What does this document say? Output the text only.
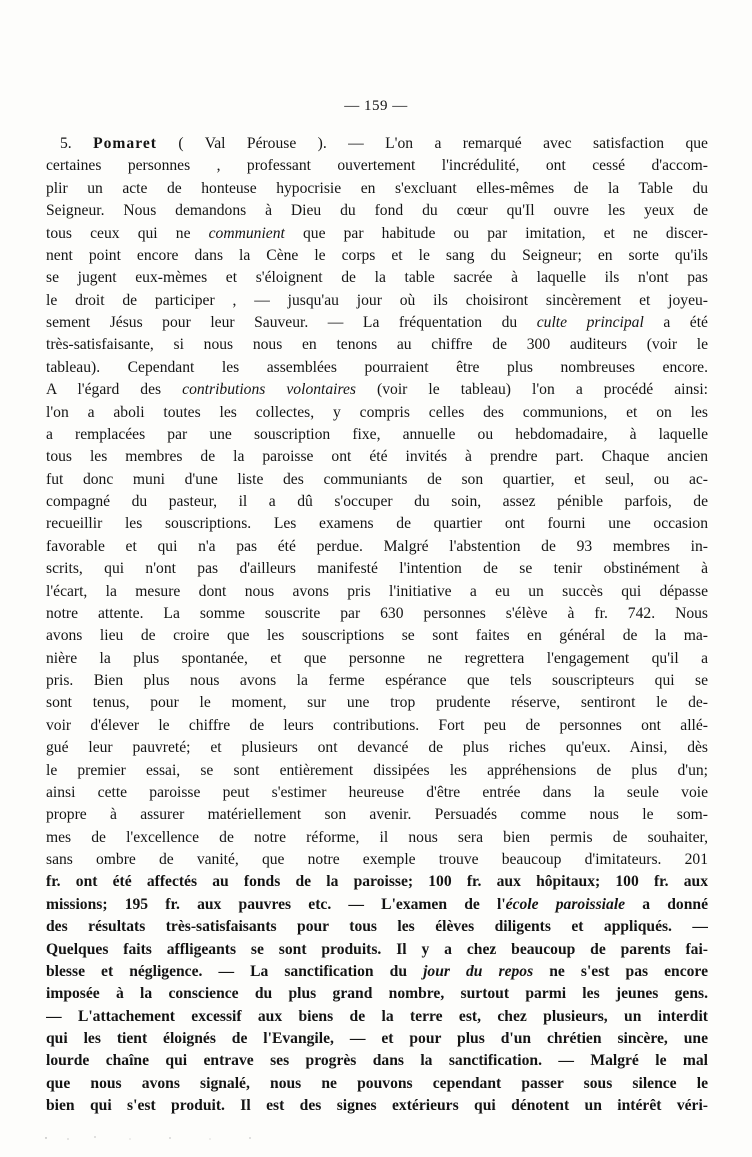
— 159 —
5. Pomaret ( Val Pérouse ). — L'on a remarqué avec satisfaction que
certaines personnes , professant ouvertement l'incrédulité, ont cessé d'accom-
plir un acte de honteuse hypocrisie en s'excluant elles-mêmes de la Table du
Seigneur. Nous demandons à Dieu du fond du cœur qu'Il ouvre les yeux de
tous ceux qui ne communient que par habitude ou par imitation, et ne discer-
nent point encore dans la Cène le corps et le sang du Seigneur; en sorte qu'ils
se jugent eux-mèmes et s'éloignent de la table sacrée à laquelle ils n'ont pas
le droit de participer , — jusqu'au jour où ils choisiront sincèrement et joyeu-
sement Jésus pour leur Sauveur. — La fréquentation du culte principal a été
très-satisfaisante, si nous nous en tenons au chiffre de 300 auditeurs (voir le
tableau). Cependant les assemblées pourraient être plus nombreuses encore.
A l'égard des contributions volontaires (voir le tableau) l'on a procédé ainsi:
l'on a aboli toutes les collectes, y compris celles des communions, et on les
a remplacées par une souscription fixe, annuelle ou hebdomadaire, à laquelle
tous les membres de la paroisse ont été invités à prendre part. Chaque ancien
fut donc muni d'une liste des communiants de son quartier, et seul, ou ac-
compagné du pasteur, il a dû s'occuper du soin, assez pénible parfois, de
recueillir les souscriptions. Les examens de quartier ont fourni une occasion
favorable et qui n'a pas été perdue. Malgré l'abstention de 93 membres in-
scrits, qui n'ont pas d'ailleurs manifesté l'intention de se tenir obstinément à
l'écart, la mesure dont nous avons pris l'initiative a eu un succès qui dépasse
notre attente. La somme souscrite par 630 personnes s'élève à fr. 742. Nous
avons lieu de croire que les souscriptions se sont faites en général de la ma-
nière la plus spontanée, et que personne ne regrettera l'engagement qu'il a
pris. Bien plus nous avons la ferme espérance que tels souscripteurs qui se
sont tenus, pour le moment, sur une trop prudente réserve, sentiront le de-
voir d'élever le chiffre de leurs contributions. Fort peu de personnes ont allé-
gué leur pauvreté; et plusieurs ont devancé de plus riches qu'eux. Ainsi, dès
le premier essai, se sont entièrement dissipées les appréhensions de plus d'un;
ainsi cette paroisse peut s'estimer heureuse d'être entrée dans la seule voie
propre à assurer matériellement son avenir. Persuadés comme nous le som-
mes de l'excellence de notre réforme, il nous sera bien permis de souhaiter,
sans ombre de vanité, que notre exemple trouve beaucoup d'imitateurs. 201
fr. ont été affectés au fonds de la paroisse; 100 fr. aux hôpitaux; 100 fr. aux
missions; 195 fr. aux pauvres etc. — L'examen de l'école paroissiale a donné
des résultats très-satisfaisants pour tous les élèves diligents et appliqués. —
Quelques faits affligeants se sont produits. Il y a chez beaucoup de parents fai-
blesse et négligence. — La sanctification du jour du repos ne s'est pas encore
imposée à la conscience du plus grand nombre, surtout parmi les jeunes gens.
— L'attachement excessif aux biens de la terre est, chez plusieurs, un interdit
qui les tient éloignés de l'Evangile, — et pour plus d'un chrétien sincère, une
lourde chaîne qui entrave ses progrès dans la sanctification. — Malgré le mal
que nous avons signalé, nous ne pouvons cependant passer sous silence le
bien qui s'est produit. Il est des signes extérieurs qui dénotent un intérêt véri-
